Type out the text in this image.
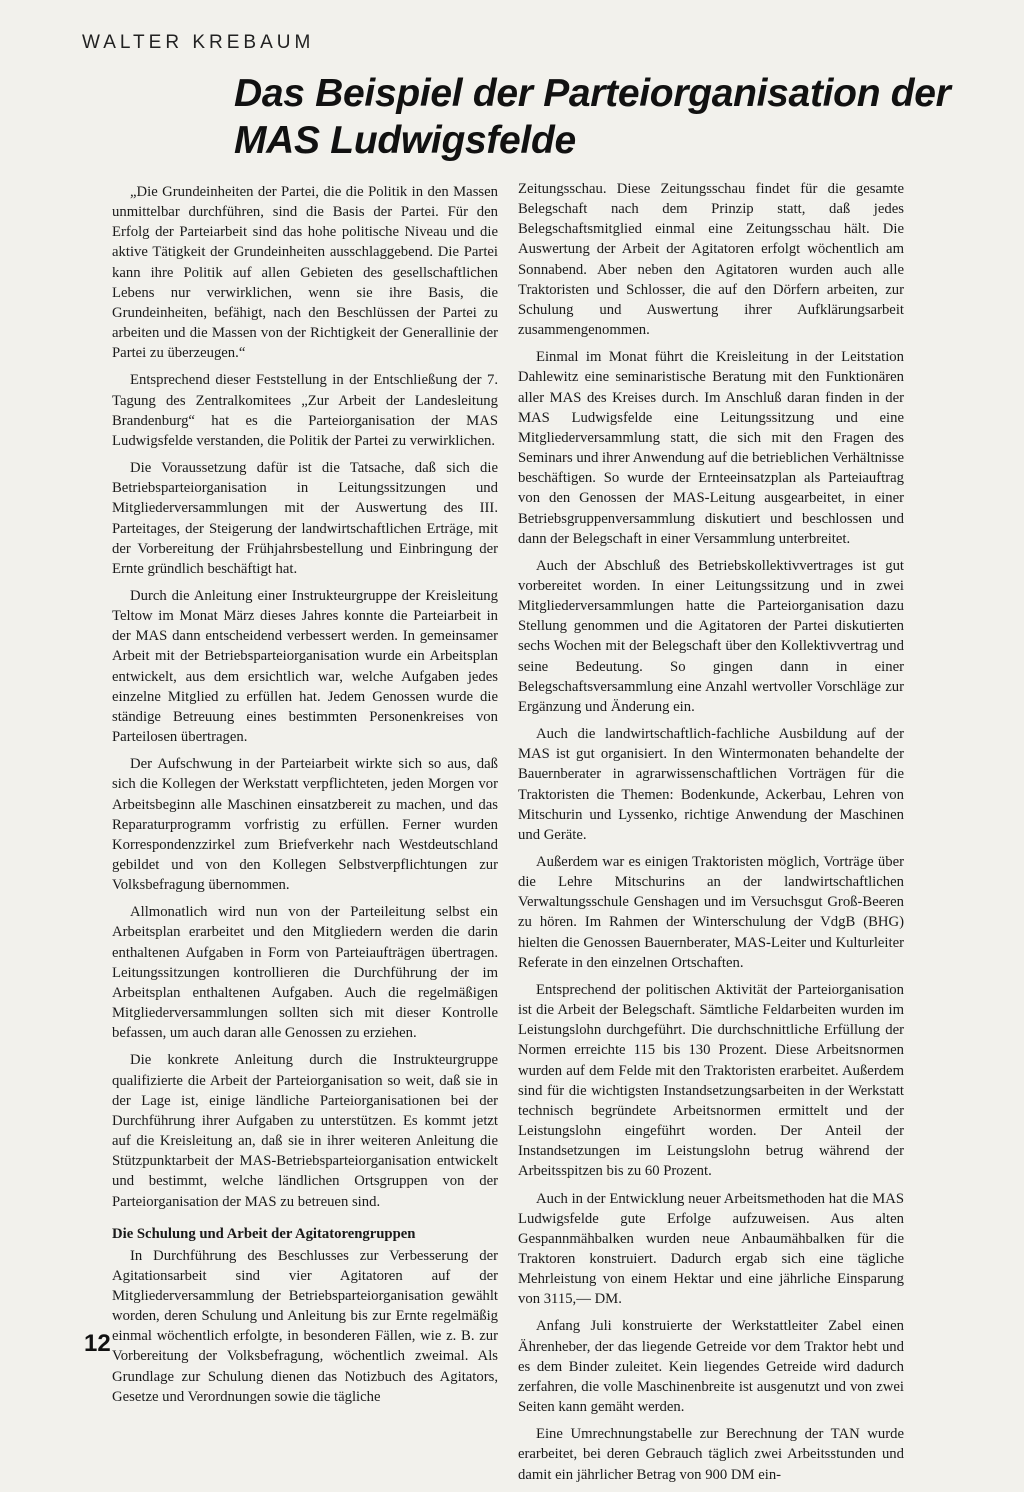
WALTER KREBAUM
Das Beispiel der Parteiorganisation der MAS Ludwigsfelde

„Die Grundeinheiten der Partei, die die Politik in den Massen unmittelbar durchführen, sind die Basis der Partei. Für den Erfolg der Parteiarbeit sind das hohe politische Niveau und die aktive Tätigkeit der Grundeinheiten ausschlaggebend. Die Partei kann ihre Politik auf allen Gebieten des gesellschaftlichen Lebens nur verwirklichen, wenn sie ihre Basis, die Grundeinheiten, befähigt, nach den Beschlüssen der Partei zu arbeiten und die Massen von der Richtigkeit der Generallinie der Partei zu überzeugen.“

Entsprechend dieser Feststellung in der Entschließung der 7. Tagung des Zentralkomitees „Zur Arbeit der Landesleitung Brandenburg“ hat es die Parteiorganisation der MAS Ludwigsfelde verstanden, die Politik der Partei zu verwirklichen.

Die Voraussetzung dafür ist die Tatsache, daß sich die Betriebsparteiorganisation in Leitungssitzungen und Mitgliederversammlungen mit der Auswertung des III. Parteitages, der Steigerung der landwirtschaftlichen Erträge, mit der Vorbereitung der Frühjahrsbestellung und Einbringung der Ernte gründlich beschäftigt hat.

Durch die Anleitung einer Instrukteurgruppe der Kreisleitung Teltow im Monat März dieses Jahres konnte die Parteiarbeit in der MAS dann entscheidend verbessert werden. In gemeinsamer Arbeit mit der Betriebsparteiorganisation wurde ein Arbeitsplan entwickelt, aus dem ersichtlich war, welche Aufgaben jedes einzelne Mitglied zu erfüllen hat. Jedem Genossen wurde die ständige Betreuung eines bestimmten Personenkreises von Parteilosen übertragen.

Der Aufschwung in der Parteiarbeit wirkte sich so aus, daß sich die Kollegen der Werkstatt verpflichteten, jeden Morgen vor Arbeitsbeginn alle Maschinen einsatzbereit zu machen, und das Reparaturprogramm vorfristig zu erfüllen. Ferner wurden Korrespondenzzirkel zum Briefverkehr nach Westdeutschland gebildet und von den Kollegen Selbstverpflichtungen zur Volksbefragung übernommen.

Allmonatlich wird nun von der Parteileitung selbst ein Arbeitsplan erarbeitet und den Mitgliedern werden die darin enthaltenen Aufgaben in Form von Parteiaufträgen übertragen. Leitungssitzungen kontrollieren die Durchführung der im Arbeitsplan enthaltenen Aufgaben. Auch die regelmäßigen Mitgliederversammlungen sollten sich mit dieser Kontrolle befassen, um auch daran alle Genossen zu erziehen.

Die konkrete Anleitung durch die Instrukteurgruppe qualifizierte die Arbeit der Parteiorganisation so weit, daß sie in der Lage ist, einige ländliche Parteiorganisationen bei der Durchführung ihrer Aufgaben zu unterstützen. Es kommt jetzt auf die Kreisleitung an, daß sie in ihrer weiteren Anleitung die Stützpunktarbeit der MAS-Betriebsparteiorganisation entwickelt und bestimmt, welche ländlichen Ortsgruppen von der Parteiorganisation der MAS zu betreuen sind.

Die Schulung und Arbeit der Agitatorengruppen

In Durchführung des Beschlusses zur Verbesserung der Agitationsarbeit sind vier Agitatoren auf der Mitgliederversammlung der Betriebsparteiorganisation gewählt worden, deren Schulung und Anleitung bis zur Ernte regelmäßig einmal wöchentlich erfolgte, in besonderen Fällen, wie z. B. zur Vorbereitung der Volksbefragung, wöchentlich zweimal. Als Grundlage zur Schulung dienen das Notizbuch des Agitators, Gesetze und Verordnungen sowie die tägliche

Zeitungsschau. Diese Zeitungsschau findet für die gesamte Belegschaft nach dem Prinzip statt, daß jedes Belegschaftsmitglied einmal eine Zeitungsschau hält. Die Auswertung der Arbeit der Agitatoren erfolgt wöchentlich am Sonnabend. Aber neben den Agitatoren wurden auch alle Traktoristen und Schlosser, die auf den Dörfern arbeiten, zur Schulung und Auswertung ihrer Aufklärungsarbeit zusammengenommen.

Einmal im Monat führt die Kreisleitung in der Leitstation Dahlewitz eine seminaristische Beratung mit den Funktionären aller MAS des Kreises durch. Im Anschluß daran finden in der MAS Ludwigsfelde eine Leitungssitzung und eine Mitgliederversammlung statt, die sich mit den Fragen des Seminars und ihrer Anwendung auf die betrieblichen Verhältnisse beschäftigen. So wurde der Ernteeinsatzplan als Parteiauftrag von den Genossen der MAS-Leitung ausgearbeitet, in einer Betriebsgruppenversammlung diskutiert und beschlossen und dann der Belegschaft in einer Versammlung unterbreitet.

Auch der Abschluß des Betriebskollektivvertrages ist gut vorbereitet worden. In einer Leitungssitzung und in zwei Mitgliederversammlungen hatte die Parteiorganisation dazu Stellung genommen und die Agitatoren der Partei diskutierten sechs Wochen mit der Belegschaft über den Kollektivvertrag und seine Bedeutung. So gingen dann in einer Belegschaftsversammlung eine Anzahl wertvoller Vorschläge zur Ergänzung und Änderung ein.

Auch die landwirtschaftlich-fachliche Ausbildung auf der MAS ist gut organisiert. In den Wintermonaten behandelte der Bauernberater in agrarwissenschaftlichen Vorträgen für die Traktoristen die Themen: Bodenkunde, Ackerbau, Lehren von Mitschurin und Lyssenko, richtige Anwendung der Maschinen und Geräte.

Außerdem war es einigen Traktoristen möglich, Vorträge über die Lehre Mitschurins an der landwirtschaftlichen Verwaltungsschule Genshagen und im Versuchsgut Groß-Beeren zu hören. Im Rahmen der Winterschulung der VdgB (BHG) hielten die Genossen Bauernberater, MAS-Leiter und Kulturleiter Referate in den einzelnen Ortschaften.

Entsprechend der politischen Aktivität der Parteiorganisation ist die Arbeit der Belegschaft. Sämtliche Feldarbeiten wurden im Leistungslohn durchgeführt. Die durchschnittliche Erfüllung der Normen erreichte 115 bis 130 Prozent. Diese Arbeitsnormen wurden auf dem Felde mit den Traktoristen erarbeitet. Außerdem sind für die wichtigsten Instandsetzungsarbeiten in der Werkstatt technisch begründete Arbeitsnormen ermittelt und der Leistungslohn eingeführt worden. Der Anteil der Instandsetzungen im Leistungslohn betrug während der Arbeitsspitzen bis zu 60 Prozent.

Auch in der Entwicklung neuer Arbeitsmethoden hat die MAS Ludwigsfelde gute Erfolge aufzuweisen. Aus alten Gespannmähbalken wurden neue Anbaumähbalken für die Traktoren konstruiert. Dadurch ergab sich eine tägliche Mehrleistung von einem Hektar und eine jährliche Einsparung von 3115,— DM.

Anfang Juli konstruierte der Werkstattleiter Zabel einen Ährenheber, der das liegende Getreide vor dem Traktor hebt und es dem Binder zuleitet. Kein liegendes Getreide wird dadurch zerfahren, die volle Maschinenbreite ist ausgenutzt und von zwei Seiten kann gemäht werden.

Eine Umrechnungstabelle zur Berechnung der TAN wurde erarbeitet, bei deren Gebrauch täglich zwei Arbeitsstunden und damit ein jährlicher Betrag von 900 DM ein-

12
